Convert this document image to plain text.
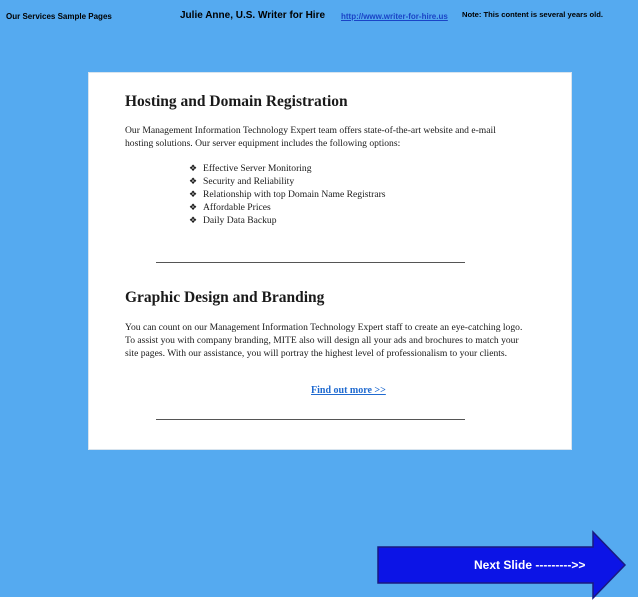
Our Services Sample Pages	Julie Anne, U.S. Writer for Hire http://www.writer-for-hire.us Note: This content is several years old.
Hosting and Domain Registration

Our Management Information Technology Expert team offers state-of-the-art website and e-mail hosting solutions. Our server equipment includes the following options:

❖ Effective Server Monitoring
❖ Security and Reliability
❖ Relationship with top Domain Name Registrars
❖ Affordable Prices
❖ Daily Data Backup
Graphic Design and Branding

You can count on our Management Information Technology Expert staff to create an eye-catching logo. To assist you with company branding, MITE also will design all your ads and brochures to match your site pages. With our assistance, you will portray the highest level of professionalism to your clients.

Find out more >>
Next Slide --------->>
